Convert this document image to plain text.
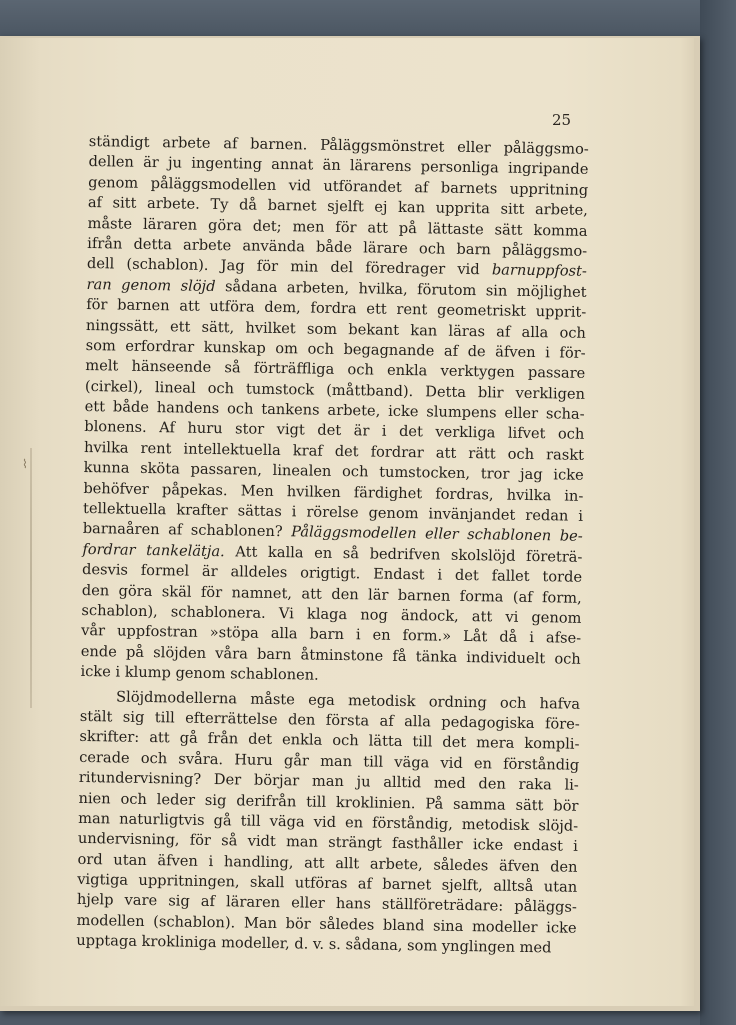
⌇
25
ständigt arbete af barnen. Påläggsmönstret eller påläggsmo-
dellen är ju ingenting annat än lärarens personliga ingripande
genom påläggsmodellen vid utförandet af barnets uppritning
af sitt arbete. Ty då barnet sjelft ej kan upprita sitt arbete,
måste läraren göra det; men för att på lättaste sätt komma
ifrån detta arbete använda både lärare och barn påläggsmo-
dell (schablon). Jag för min del föredrager vid barnuppfost-
ran genom slöjd sådana arbeten, hvilka, förutom sin möjlighet
för barnen att utföra dem, fordra ett rent geometriskt upprit-
ningssätt, ett sätt, hvilket som bekant kan läras af alla och
som erfordrar kunskap om och begagnande af de äfven i för-
melt hänseende så förträffliga och enkla verktygen passare
(cirkel), lineal och tumstock (måttband). Detta blir verkligen
ett både handens och tankens arbete, icke slumpens eller scha-
blonens. Af huru stor vigt det är i det verkliga lifvet och
hvilka rent intellektuella kraf det fordrar att rätt och raskt
kunna sköta passaren, linealen och tumstocken, tror jag icke
behöfver påpekas. Men hvilken färdighet fordras, hvilka in-
tellektuella krafter sättas i rörelse genom invänjandet redan i
barnaåren af schablonen? Påläggsmodellen eller schablonen be-
fordrar tankelätja. Att kalla en så bedrifven skolslöjd företrä-
desvis formel är alldeles origtigt. Endast i det fallet torde
den göra skäl för namnet, att den lär barnen forma (af form,
schablon), schablonera. Vi klaga nog ändock, att vi genom
vår uppfostran »stöpa alla barn i en form.» Låt då i afse-
ende på slöjden våra barn åtminstone få tänka individuelt och
icke i klump genom schablonen.
Slöjdmodellerna måste ega metodisk ordning och hafva
stält sig till efterrättelse den första af alla pedagogiska före-
skrifter: att gå från det enkla och lätta till det mera kompli-
cerade och svåra. Huru går man till väga vid en förståndig
ritundervisning? Der börjar man ju alltid med den raka li-
nien och leder sig derifrån till kroklinien. På samma sätt bör
man naturligtvis gå till väga vid en förståndig, metodisk slöjd-
undervisning, för så vidt man strängt fasthåller icke endast i
ord utan äfven i handling, att allt arbete, således äfven den
vigtiga uppritningen, skall utföras af barnet sjelft, alltså utan
hjelp vare sig af läraren eller hans ställföreträdare: påläggs-
modellen (schablon). Man bör således bland sina modeller icke
upptaga krokliniga modeller, d. v. s. sådana, som ynglingen med
